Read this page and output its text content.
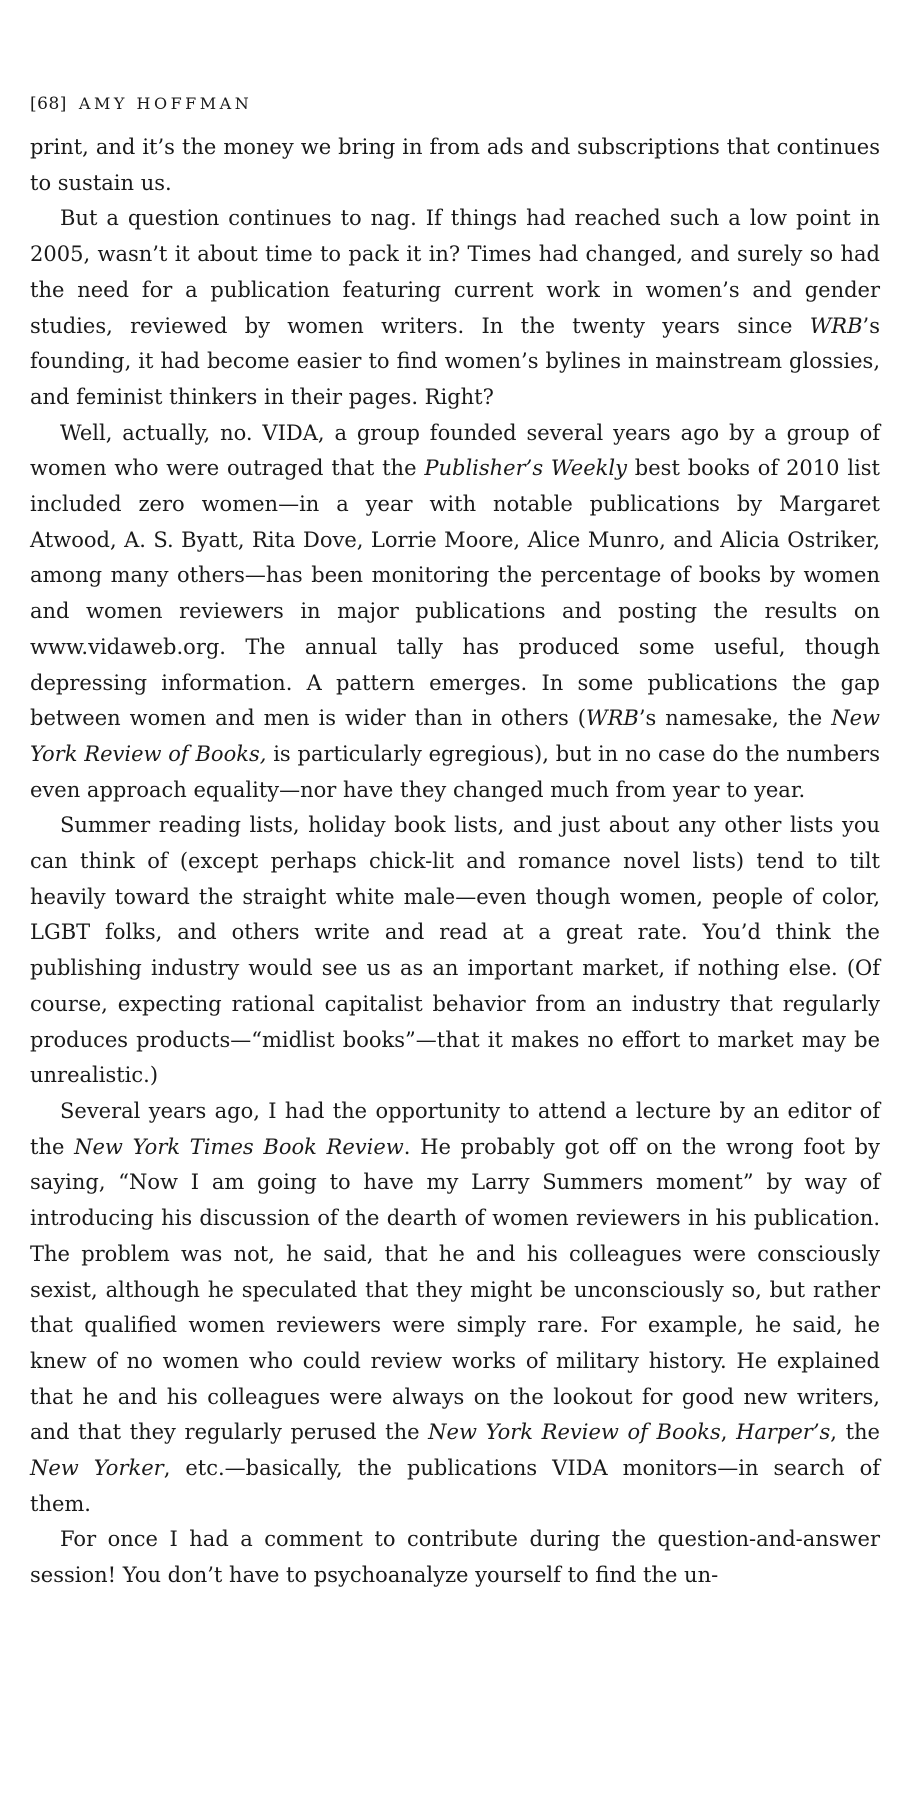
[68] AMY HOFFMAN

print, and it’s the money we bring in from ads and subscriptions that continues to sustain us.

But a question continues to nag. If things had reached such a low point in 2005, wasn’t it about time to pack it in? Times had changed, and surely so had the need for a publication featuring current work in women’s and gender studies, reviewed by women writers. In the twenty years since WRB’s founding, it had become easier to find women’s bylines in mainstream glossies, and feminist thinkers in their pages. Right?

Well, actually, no. VIDA, a group founded several years ago by a group of women who were outraged that the Publisher’s Weekly best books of 2010 list included zero women—in a year with notable publications by Margaret Atwood, A. S. Byatt, Rita Dove, Lorrie Moore, Alice Munro, and Alicia Ostriker, among many others—has been monitoring the percentage of books by women and women reviewers in major publications and posting the results on www.vidaweb.org. The annual tally has produced some useful, though depressing information. A pattern emerges. In some publications the gap between women and men is wider than in others (WRB’s namesake, the New York Review of Books, is particularly egregious), but in no case do the numbers even approach equality—nor have they changed much from year to year.

Summer reading lists, holiday book lists, and just about any other lists you can think of (except perhaps chick-lit and romance novel lists) tend to tilt heavily toward the straight white male—even though women, people of color, LGBT folks, and others write and read at a great rate. You’d think the publishing industry would see us as an important market, if nothing else. (Of course, expecting rational capitalist behavior from an industry that regularly produces products—“midlist books”—that it makes no effort to market may be unrealistic.)

Several years ago, I had the opportunity to attend a lecture by an editor of the New York Times Book Review. He probably got off on the wrong foot by saying, “Now I am going to have my Larry Summers moment” by way of introducing his discussion of the dearth of women reviewers in his publication. The problem was not, he said, that he and his colleagues were consciously sexist, although he speculated that they might be unconsciously so, but rather that qualified women reviewers were simply rare. For example, he said, he knew of no women who could review works of military history. He explained that he and his colleagues were always on the lookout for good new writers, and that they regularly perused the New York Review of Books, Harper’s, the New Yorker, etc.—basically, the publications VIDA monitors—in search of them.

For once I had a comment to contribute during the question-and-answer session! You don’t have to psychoanalyze yourself to find the un-
